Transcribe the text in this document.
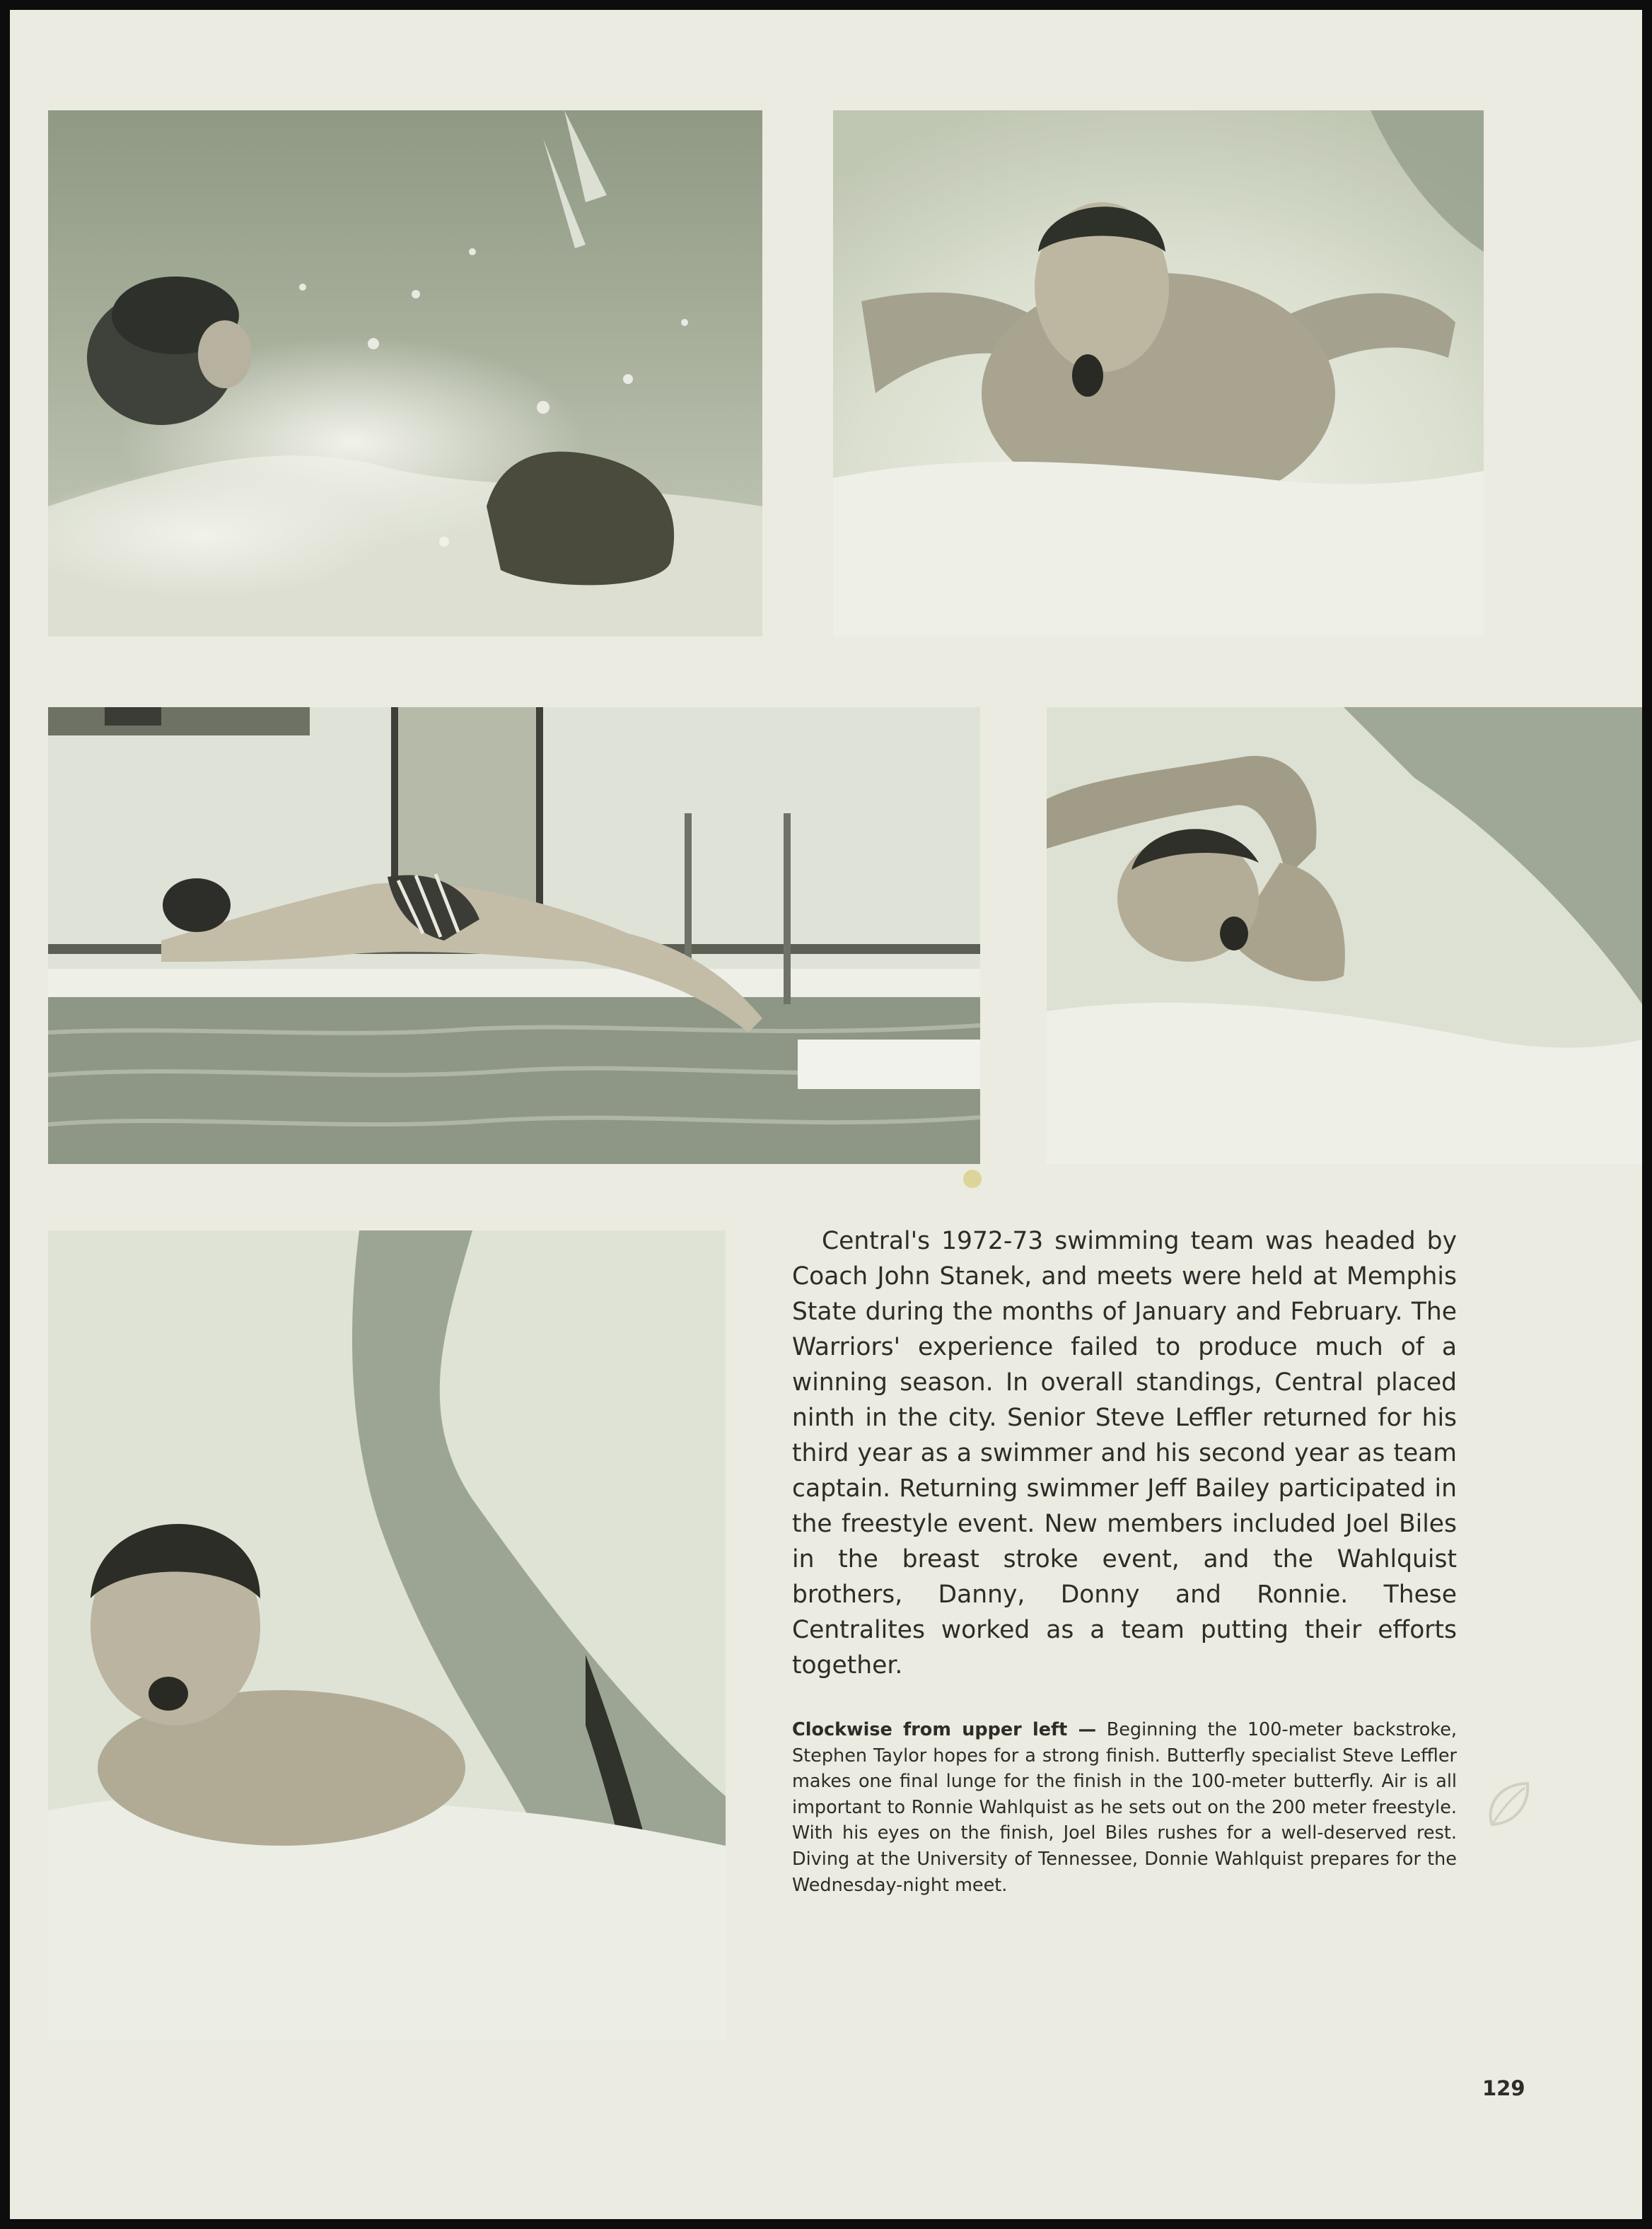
Central's 1972-73 swimming team was headed by Coach John Stanek, and meets were held at Memphis State during the months of January and February. The Warriors' experience failed to produce much of a winning season. In overall standings, Central placed ninth in the city. Senior Steve Leffler returned for his third year as a swimmer and his second year as team captain. Returning swimmer Jeff Bailey participated in the freestyle event. New members included Joel Biles in the breast stroke event, and the Wahlquist brothers, Danny, Donny and Ronnie. These Centralites worked as a team putting their efforts together.

Clockwise from upper left — Beginning the 100-meter backstroke, Stephen Taylor hopes for a strong finish. Butterfly specialist Steve Leffler makes one final lunge for the finish in the 100-meter butterfly. Air is all important to Ronnie Wahlquist as he sets out on the 200 meter freestyle. With his eyes on the finish, Joel Biles rushes for a well-deserved rest. Diving at the University of Tennessee, Donnie Wahlquist prepares for the Wednesday-night meet.

129
